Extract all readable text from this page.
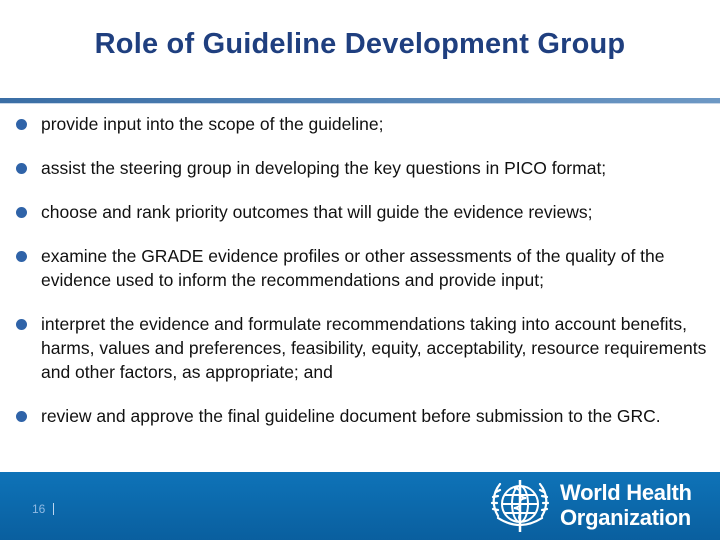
Role of Guideline Development Group
provide input into the scope of the guideline;
assist the steering group in developing the key questions in PICO format;
choose and rank priority outcomes that will guide the evidence reviews;
examine the GRADE evidence profiles or other assessments of the quality of the evidence used to inform the recommendations and provide input;
interpret the evidence and formulate recommendations taking into account benefits, harms, values and preferences, feasibility, equity, acceptability, resource requirements and other factors, as appropriate; and
review and approve the final guideline document before submission to the GRC.
16
World Health
Organization
